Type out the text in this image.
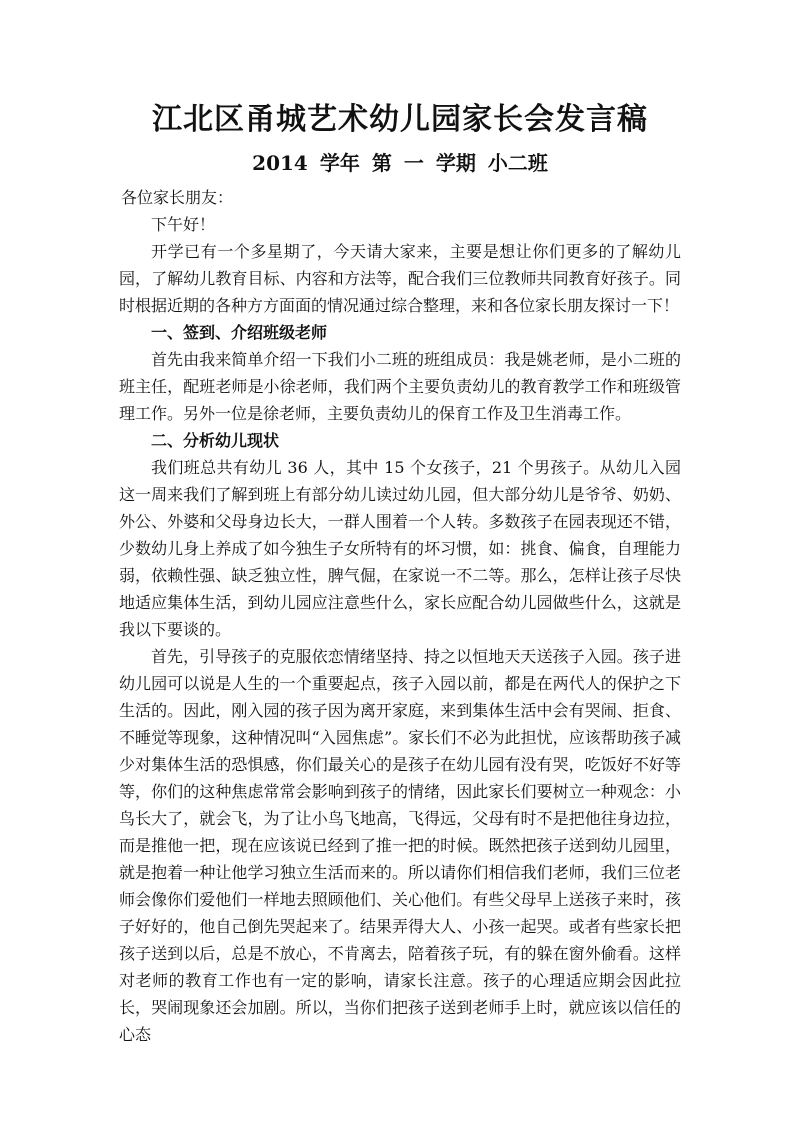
江北区甬城艺术幼儿园家长会发言稿
2014 学年 第 一 学期 小二班

各位家长朋友：

下午好！

开学已有一个多星期了，今天请大家来，主要是想让你们更多的了解幼儿园，了解幼儿教育目标、内容和方法等，配合我们三位教师共同教育好孩子。同时根据近期的各种方方面面的情况通过综合整理，来和各位家长朋友探讨一下！

一、签到、介绍班级老师

首先由我来简单介绍一下我们小二班的班组成员：我是姚老师，是小二班的班主任，配班老师是小徐老师，我们两个主要负责幼儿的教育教学工作和班级管理工作。另外一位是徐老师，主要负责幼儿的保育工作及卫生消毒工作。

二、分析幼儿现状

我们班总共有幼儿 36 人，其中 15 个女孩子，21 个男孩子。从幼儿入园这一周来我们了解到班上有部分幼儿读过幼儿园，但大部分幼儿是爷爷、奶奶、外公、外婆和父母身边长大，一群人围着一个人转。多数孩子在园表现还不错，少数幼儿身上养成了如今独生子女所特有的坏习惯，如：挑食、偏食，自理能力弱，依赖性强、缺乏独立性，脾气倔，在家说一不二等。那么，怎样让孩子尽快地适应集体生活，到幼儿园应注意些什么，家长应配合幼儿园做些什么，这就是我以下要谈的。

首先，引导孩子的克服依恋情绪坚持、持之以恒地天天送孩子入园。孩子进幼儿园可以说是人生的一个重要起点，孩子入园以前，都是在两代人的保护之下生活的。因此，刚入园的孩子因为离开家庭，来到集体生活中会有哭闹、拒食、不睡觉等现象，这种情况叫“入园焦虑”。家长们不必为此担忧，应该帮助孩子减少对集体生活的恐惧感，你们最关心的是孩子在幼儿园有没有哭，吃饭好不好等等，你们的这种焦虑常常会影响到孩子的情绪，因此家长们要树立一种观念：小鸟长大了，就会飞，为了让小鸟飞地高，飞得远，父母有时不是把他往身边拉，而是推他一把，现在应该说已经到了推一把的时候。既然把孩子送到幼儿园里，就是抱着一种让他学习独立生活而来的。所以请你们相信我们老师，我们三位老师会像你们爱他们一样地去照顾他们、关心他们。有些父母早上送孩子来时，孩子好好的，他自己倒先哭起来了。结果弄得大人、小孩一起哭。或者有些家长把孩子送到以后，总是不放心，不肯离去，陪着孩子玩，有的躲在窗外偷看。这样对老师的教育工作也有一定的影响，请家长注意。孩子的心理适应期会因此拉长，哭闹现象还会加剧。所以，当你们把孩子送到老师手上时，就应该以信任的心态
